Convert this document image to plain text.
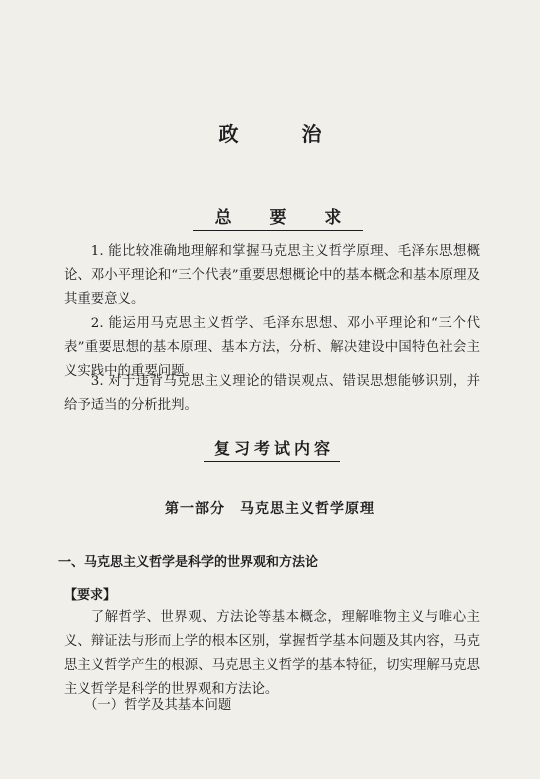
政 治
总 要 求
1. 能比较准确地理解和掌握马克思主义哲学原理、毛泽东思想概论、邓小平理论和“三个代表”重要思想概论中的基本概念和基本原理及其重要意义。
2. 能运用马克思主义哲学、毛泽东思想、邓小平理论和“三个代表”重要思想的基本原理、基本方法，分析、解决建设中国特色社会主义实践中的重要问题。
3. 对于违背马克思主义理论的错误观点、错误思想能够识别，并给予适当的分析批判。
复习考试内容
第一部分　马克思主义哲学原理
一、马克思主义哲学是科学的世界观和方法论
【要求】
了解哲学、世界观、方法论等基本概念，理解唯物主义与唯心主义、辩证法与形而上学的根本区别，掌握哲学基本问题及其内容，马克思主义哲学产生的根源、马克思主义哲学的基本特征，切实理解马克思主义哲学是科学的世界观和方法论。
（一）哲学及其基本问题
